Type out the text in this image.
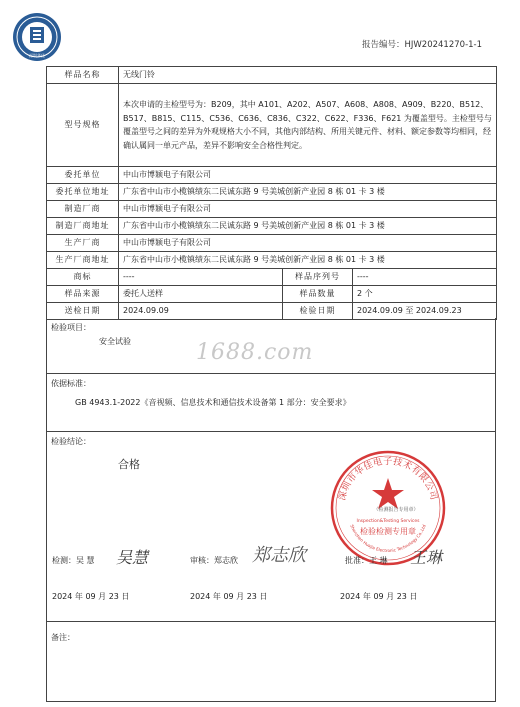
深圳华佳
报告编号：HJW20241270-1-1
样品名称	无线门铃		
型号规格	本次申请的主检型号为：B209，其中 A101、A202、A507、A608、A808、A909、B220、B512、B517、B815、C115、C536、C636、C836、C322、C622、F336、F621 为覆盖型号。主检型号与覆盖型号之间的差异为外观规格大小不同，其他内部结构、所用关键元件、材料、额定参数等均相同，经确认属同一单元产品，差异不影响安全合格性判定。		
委托单位	中山市博颖电子有限公司		
委托单位地址	广东省中山市小榄镇绩东二民诚东路 9 号美城创新产业园 8 栋 01 卡 3 楼		
制造厂商	中山市博颖电子有限公司		
制造厂商地址	广东省中山市小榄镇绩东二民诚东路 9 号美城创新产业园 8 栋 01 卡 3 楼		
生产厂商	中山市博颖电子有限公司		
生产厂商地址	广东省中山市小榄镇绩东二民诚东路 9 号美城创新产业园 8 栋 01 卡 3 楼		
商标	----	样品序列号	----
样品来源	委托人送样	样品数量	2 个
送检日期	2024.09.09	检验日期	2024.09.09 至 2024.09.23
检验项目：
安全试验	1688.com
依据标准：
GB 4943.1-2022《音视频、信息技术和通信技术设备第 1 部分：安全要求》
检验结论：
合格
深圳市华佳电子技术有限公司
Shenzhen Huajia Electronic Technology Co.,Ltd
Inspection&Testing Services
检验检测专用章
（检测报告专用章）
检测：吴 慧	审核：郑志欣	批准：王 琳
吴慧	郑志欣	王琳
2024 年 09 月 23 日	2024 年 09 月 23 日	2024 年 09 月 23 日
备注：
